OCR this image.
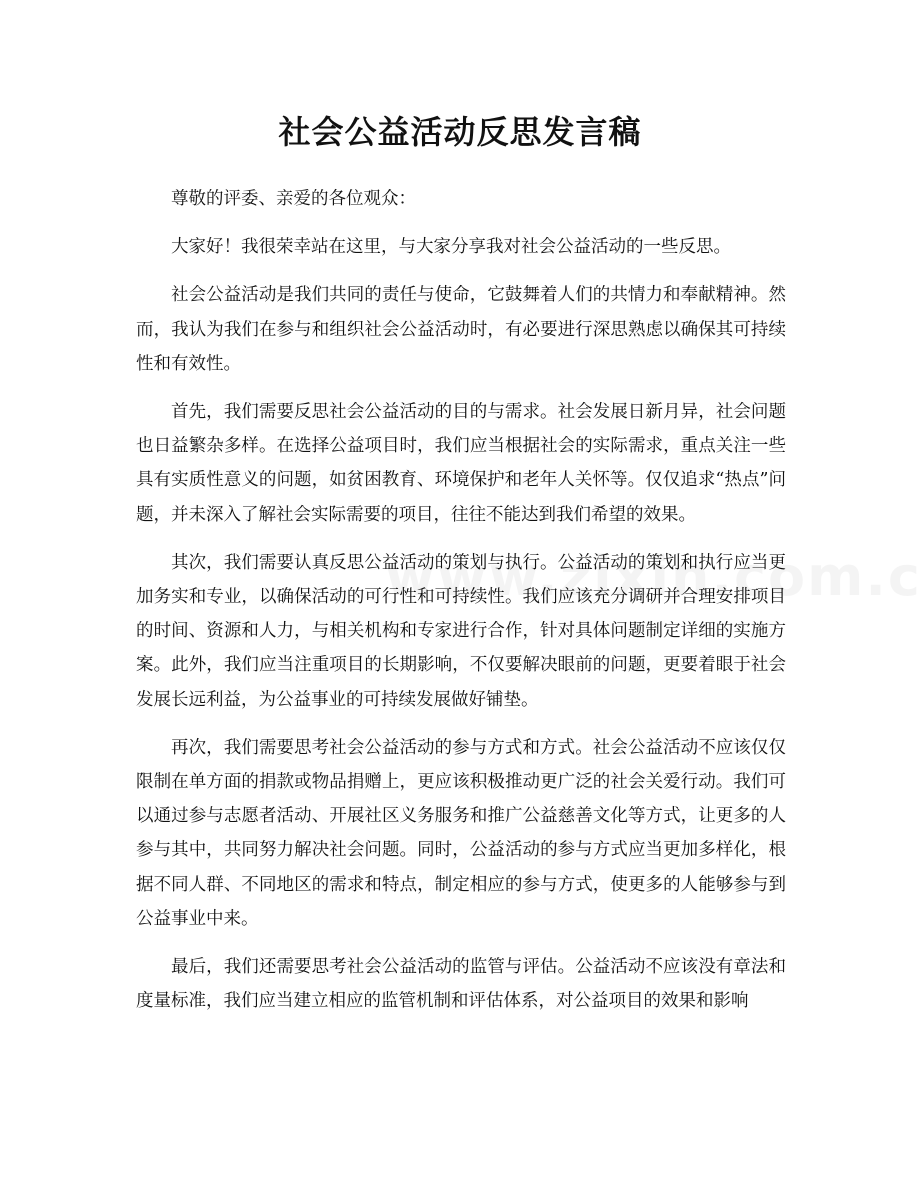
社会公益活动反思发言稿

尊敬的评委、亲爱的各位观众：

大家好！我很荣幸站在这里，与大家分享我对社会公益活动的一些反思。

社会公益活动是我们共同的责任与使命，它鼓舞着人们的共情力和奉献精神。然而，我认为我们在参与和组织社会公益活动时，有必要进行深思熟虑以确保其可持续性和有效性。

首先，我们需要反思社会公益活动的目的与需求。社会发展日新月异，社会问题也日益繁杂多样。在选择公益项目时，我们应当根据社会的实际需求，重点关注一些具有实质性意义的问题，如贫困教育、环境保护和老年人关怀等。仅仅追求“热点”问题，并未深入了解社会实际需要的项目，往往不能达到我们希望的效果。

其次，我们需要认真反思公益活动的策划与执行。公益活动的策划和执行应当更加务实和专业，以确保活动的可行性和可持续性。我们应该充分调研并合理安排项目的时间、资源和人力，与相关机构和专家进行合作，针对具体问题制定详细的实施方案。此外，我们应当注重项目的长期影响，不仅要解决眼前的问题，更要着眼于社会发展长远利益，为公益事业的可持续发展做好铺垫。

再次，我们需要思考社会公益活动的参与方式和方式。社会公益活动不应该仅仅限制在单方面的捐款或物品捐赠上，更应该积极推动更广泛的社会关爱行动。我们可以通过参与志愿者活动、开展社区义务服务和推广公益慈善文化等方式，让更多的人参与其中，共同努力解决社会问题。同时，公益活动的参与方式应当更加多样化，根据不同人群、不同地区的需求和特点，制定相应的参与方式，使更多的人能够参与到公益事业中来。

最后，我们还需要思考社会公益活动的监管与评估。公益活动不应该没有章法和度量标准，我们应当建立相应的监管机制和评估体系，对公益项目的效果和影响
